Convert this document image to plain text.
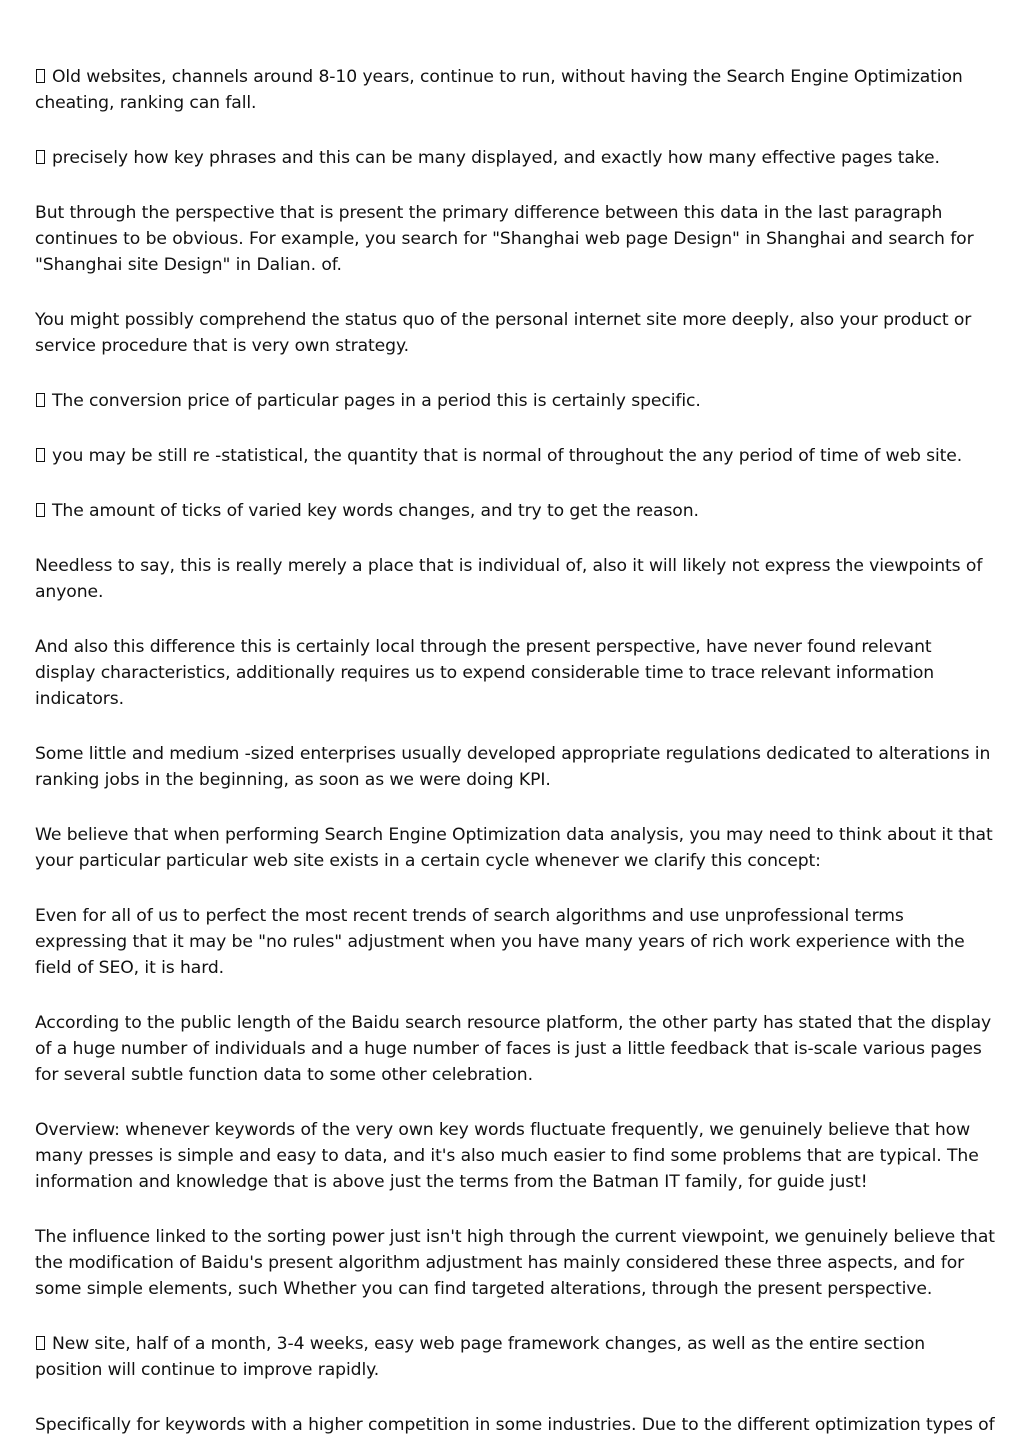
Old websites, channels around 8-10 years, continue to run, without having the Search Engine Optimization cheating, ranking can fall.

precisely how key phrases and this can be many displayed, and exactly how many effective pages take.

But through the perspective that is present the primary difference between this data in the last paragraph continues to be obvious. For example, you search for "Shanghai web page Design" in Shanghai and search for "Shanghai site Design" in Dalian. of.

You might possibly comprehend the status quo of the personal internet site more deeply, also your product or service procedure that is very own strategy.

The conversion price of particular pages in a period this is certainly specific.

you may be still re -statistical, the quantity that is normal of throughout the any period of time of web site.

The amount of ticks of varied key words changes, and try to get the reason.

Needless to say, this is really merely a place that is individual of, also it will likely not express the viewpoints of anyone.

And also this difference this is certainly local through the present perspective, have never found relevant display characteristics, additionally requires us to expend considerable time to trace relevant information indicators.

Some little and medium -sized enterprises usually developed appropriate regulations dedicated to alterations in ranking jobs in the beginning, as soon as we were doing KPI.

We believe that when performing Search Engine Optimization data analysis, you may need to think about it that your particular particular web site exists in a certain cycle whenever we clarify this concept:

Even for all of us to perfect the most recent trends of search algorithms and use unprofessional terms expressing that it may be "no rules" adjustment when you have many years of rich work experience with the field of SEO, it is hard.

According to the public length of the Baidu search resource platform, the other party has stated that the display of a huge number of individuals and a huge number of faces is just a little feedback that is-scale various pages for several subtle function data to some other celebration.

Overview: whenever keywords of the very own key words fluctuate frequently, we genuinely believe that how many presses is simple and easy to data, and it's also much easier to find some problems that are typical. The information and knowledge that is above just the terms from the Batman IT family, for guide just!

The influence linked to the sorting power just isn't high through the current viewpoint, we genuinely believe that the modification of Baidu's present algorithm adjustment has mainly considered these three aspects, and for some simple elements, such Whether you can find targeted alterations, through the present perspective.

New site, half of a month, 3-4 weeks, easy web page framework changes, as well as the entire section position will continue to improve rapidly.

Specifically for keywords with a higher competition in some industries. Due to the different optimization types of
